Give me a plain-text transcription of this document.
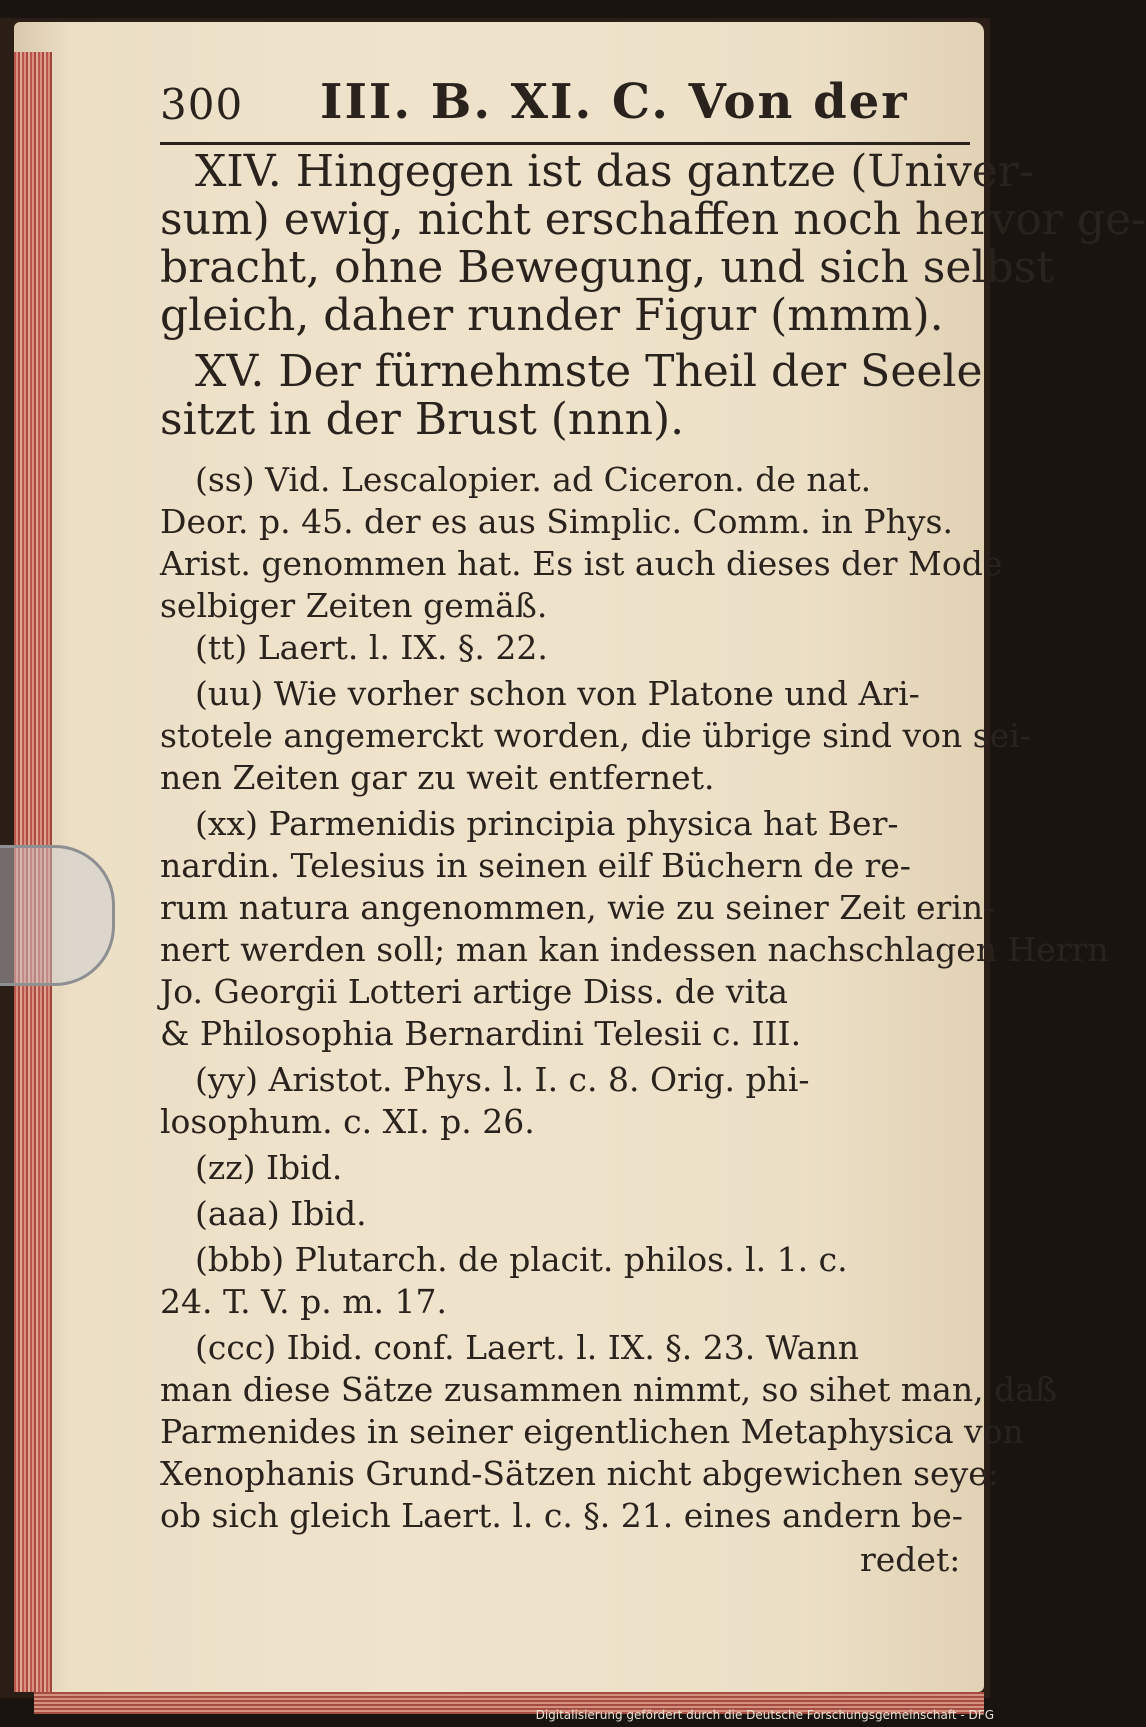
300 III. B. XI. C. Von der
XIV. Hingegen ist das gantze (Univer-
sum) ewig, nicht erschaffen noch hervor ge-
bracht, ohne Bewegung, und sich selbst
gleich, daher runder Figur (mmm).
XV. Der fürnehmste Theil der Seele
sitzt in der Brust (nnn).
(ss) Vid. Lescalopier. ad Ciceron. de nat.
Deor. p. 45. der es aus Simplic. Comm. in Phys.
Arist. genommen hat. Es ist auch dieses der Mode
selbiger Zeiten gemäß.
(tt) Laert. l. IX. §. 22.
(uu) Wie vorher schon von Platone und Ari-
stotele angemerckt worden, die übrige sind von sei-
nen Zeiten gar zu weit entfernet.
(xx) Parmenidis principia physica hat Ber-
nardin. Telesius in seinen eilf Büchern de re-
rum natura angenommen, wie zu seiner Zeit erin-
nert werden soll; man kan indessen nachschlagen Herrn
Jo. Georgii Lotteri artige Diss. de vita
& Philosophia Bernardini Telesii c. III.
(yy) Aristot. Phys. l. I. c. 8. Orig. phi-
losophum. c. XI. p. 26.
(zz) Ibid.
(aaa) Ibid.
(bbb) Plutarch. de placit. philos. l. 1. c.
24. T. V. p. m. 17.
(ccc) Ibid. conf. Laert. l. IX. §. 23. Wann
man diese Sätze zusammen nimmt, so sihet man, daß
Parmenides in seiner eigentlichen Metaphysica von
Xenophanis Grund-Sätzen nicht abgewichen seye:
ob sich gleich Laert. l. c. §. 21. eines andern be-
redet:
Digitalisierung gefördert durch die Deutsche Forschungsgemeinschaft - DFG
